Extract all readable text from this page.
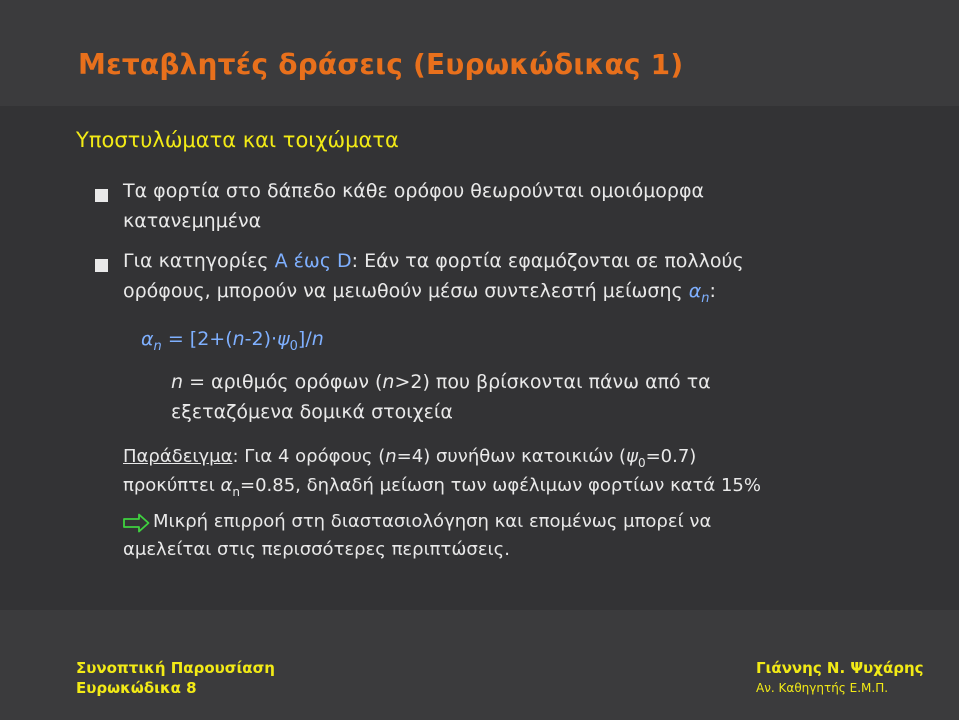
Μεταβλητές δράσεις (Ευρωκώδικας 1)
Υποστυλώματα και τοιχώματα
Τα φορτία στο δάπεδο κάθε ορόφου θεωρούνται ομοιόμορφα
κατανεμημένα
Για κατηγορίες Α έως D: Εάν τα φορτία εφαμόζονται σε πολλούς
ορόφους, μπορούν να μειωθούν μέσω συντελεστή μείωσης $\alpha_n$:
$\alpha_n = [2+(n-2)\cdot\psi_0]/n$
n = αριθμός ορόφων (n>2) που βρίσκονται πάνω από τα
εξεταζόμενα δομικά στοιχεία
Παράδειγμα: Για 4 ορόφους (n=4) συνήθων κατοικιών $(\psi_0=0.7)$
προκύπτει $\alpha_n=0.85$, δηλαδή μείωση των ωφέλιμων φορτίων κατά 15%
Μικρή επιρροή στη διαστασιολόγηση και επομένως μπορεί να
αμελείται στις περισσότερες περιπτώσεις.
Συνοπτική Παρουσίαση
Ευρωκώδικα 8
Γιάννης Ν. Ψυχάρης
Αν. Καθηγητής Ε.Μ.Π.
